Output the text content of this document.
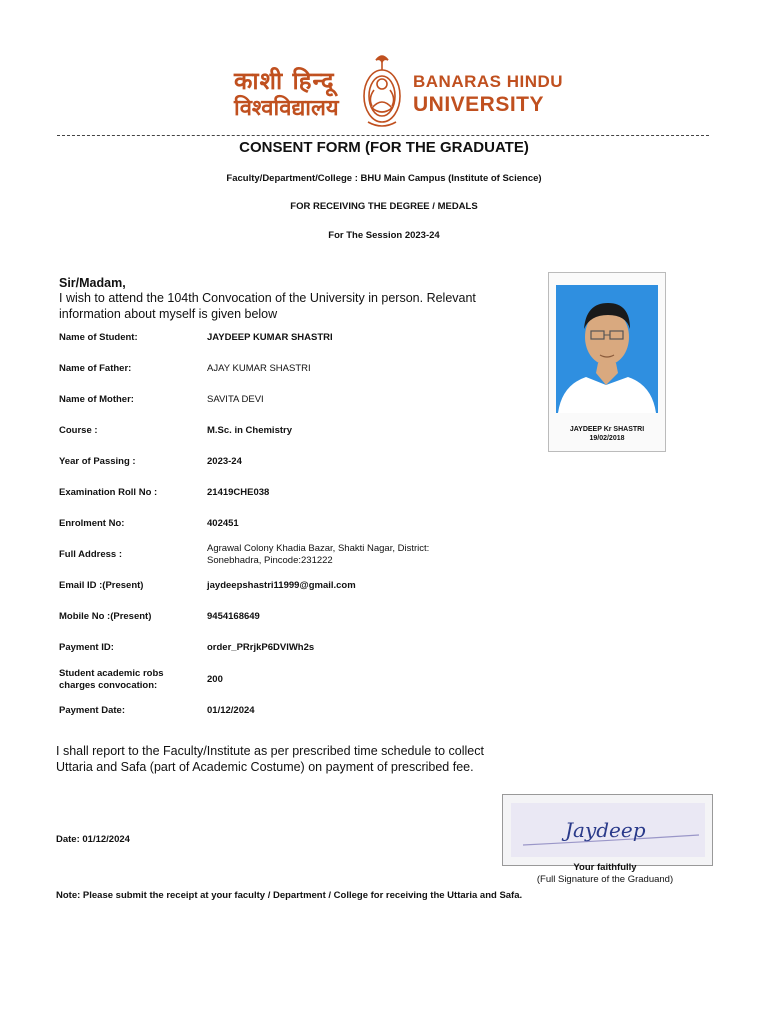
काशी हिन्दू
विश्वविद्यालय
BANARAS HINDU
UNIVERSITY
CONSENT FORM (FOR THE GRADUATE)
Faculty/Department/College : BHU Main Campus (Institute of Science)
FOR RECEIVING THE DEGREE / MEDALS
For The Session 2023-24
Sir/Madam,
I wish to attend the 104th Convocation of the University in person. Relevant information about myself is given below
Name of Student:	JAYDEEP KUMAR SHASTRI
Name of Father:	AJAY KUMAR SHASTRI
Name of Mother:	SAVITA DEVI
Course :	M.Sc. in Chemistry
Year of Passing :	2023-24
Examination Roll No :	21419CHE038
Enrolment No:	402451
Full Address :
Agrawal Colony Khadia Bazar, Shakti Nagar, District: Sonebhadra, Pincode:231222
Email ID :(Present)	jaydeepshastri11999@gmail.com
Mobile No :(Present)	9454168649
Payment ID:	order_PRrjkP6DVlWh2s
Student academic robs charges convocation:
200
Payment Date:	01/12/2024
JAYDEEP Kr SHASTRI
19/02/2018
I shall report to the Faculty/Institute as per prescribed time schedule to collect Uttaria and Safa (part of Academic Costume) on payment of prescribed fee.
Date: 01/12/2024	Jaydeep
Your faithfully
(Full Signature of the Graduand)
Note: Please submit the receipt at your faculty / Department / College for receiving the Uttaria and Safa.
